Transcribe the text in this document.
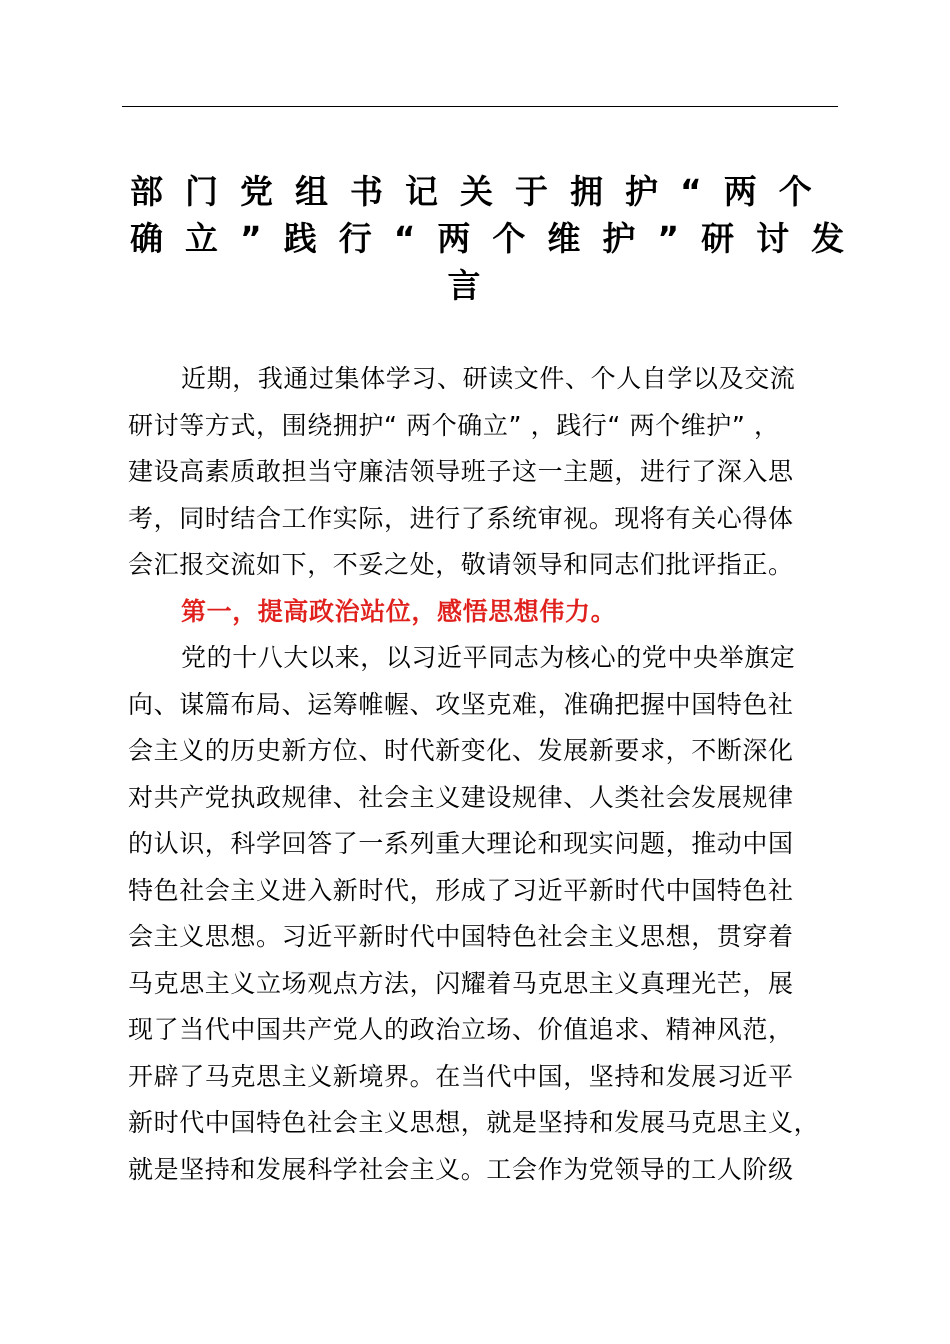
部门党组书记关于拥护“两个
确立”践行“两个维护”研讨发
言

近期，我通过集体学习、研读文件、个人自学以及交流
研讨等方式，围绕拥护“ 两个确立” ，践行“ 两个维护” ，
建设高素质敢担当守廉洁领导班子这一主题，进行了深入思
考，同时结合工作实际，进行了系统审视。现将有关心得体
会汇报交流如下，不妥之处，敬请领导和同志们批评指正。

第一，提高政治站位，感悟思想伟力。

党的十八大以来，以习近平同志为核心的党中央举旗定
向、谋篇布局、运筹帷幄、攻坚克难，准确把握中国特色社
会主义的历史新方位、时代新变化、发展新要求，不断深化
对共产党执政规律、社会主义建设规律、人类社会发展规律
的认识，科学回答了一系列重大理论和现实问题，推动中国
特色社会主义进入新时代，形成了习近平新时代中国特色社
会主义思想。习近平新时代中国特色社会主义思想，贯穿着
马克思主义立场观点方法，闪耀着马克思主义真理光芒，展
现了当代中国共产党人的政治立场、价值追求、精神风范，
开辟了马克思主义新境界。在当代中国，坚持和发展习近平
新时代中国特色社会主义思想，就是坚持和发展马克思主义，
就是坚持和发展科学社会主义。工会作为党领导的工人阶级
